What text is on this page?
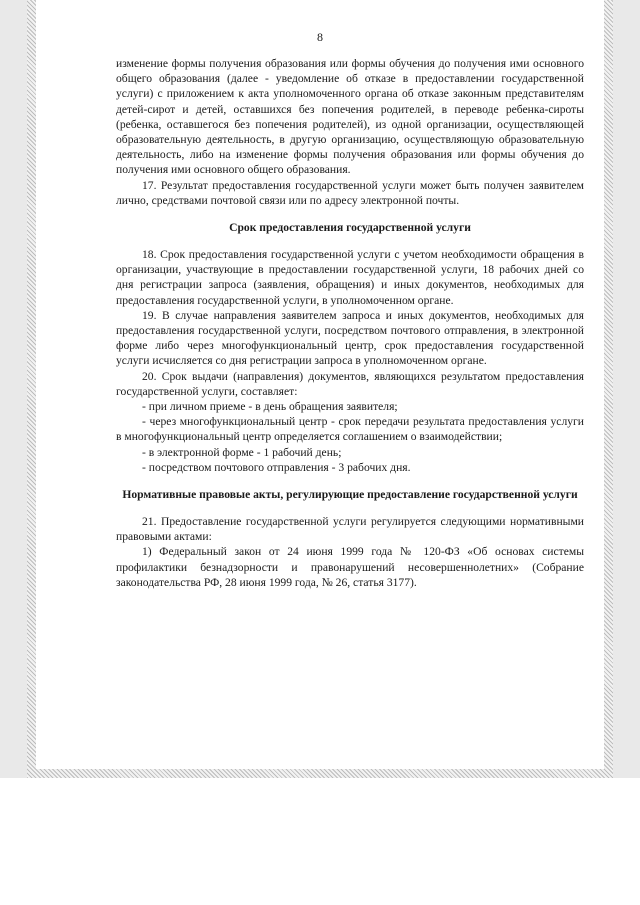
8

изменение формы получения образования или формы обучения до получения ими основного общего образования (далее - уведомление об отказе в предоставлении государственной услуги) с приложением к акта уполномоченного органа об отказе законным представителям детей-сирот и детей, оставшихся без попечения родителей, в переводе ребенка-сироты (ребенка, оставшегося без попечения родителей), из одной организации, осуществляющей образовательную деятельность, в другую организацию, осуществляющую образовательную деятельность, либо на изменение формы получения образования или формы обучения до получения ими основного общего образования.

17. Результат предоставления государственной услуги может быть получен заявителем лично, средствами почтовой связи или по адресу электронной почты.

Срок предоставления государственной услуги

18. Срок предоставления государственной услуги с учетом необходимости обращения в организации, участвующие в предоставлении государственной услуги, 18 рабочих дней со дня регистрации запроса (заявления, обращения) и иных документов, необходимых для предоставления государственной услуги, в уполномоченном органе.

19. В случае направления заявителем запроса и иных документов, необходимых для предоставления государственной услуги, посредством почтового отправления, в электронной форме либо через многофункциональный центр, срок предоставления государственной услуги исчисляется со дня регистрации запроса в уполномоченном органе.

20. Срок выдачи (направления) документов, являющихся результатом предоставления государственной услуги, составляет:

- при личном приеме - в день обращения заявителя;

- через многофункциональный центр - срок передачи результата предоставления услуги в многофункциональный центр определяется соглашением о взаимодействии;

- в электронной форме - 1 рабочий день;

- посредством почтового отправления - 3 рабочих дня.

Нормативные правовые акты, регулирующие предоставление государственной услуги

21. Предоставление государственной услуги регулируется следующими нормативными правовыми актами:

1) Федеральный закон от 24 июня 1999 года № 120-ФЗ «Об основах системы профилактики безнадзорности и правонарушений несовершеннолетних» (Собрание законодательства РФ, 28 июня 1999 года, № 26, статья 3177).
